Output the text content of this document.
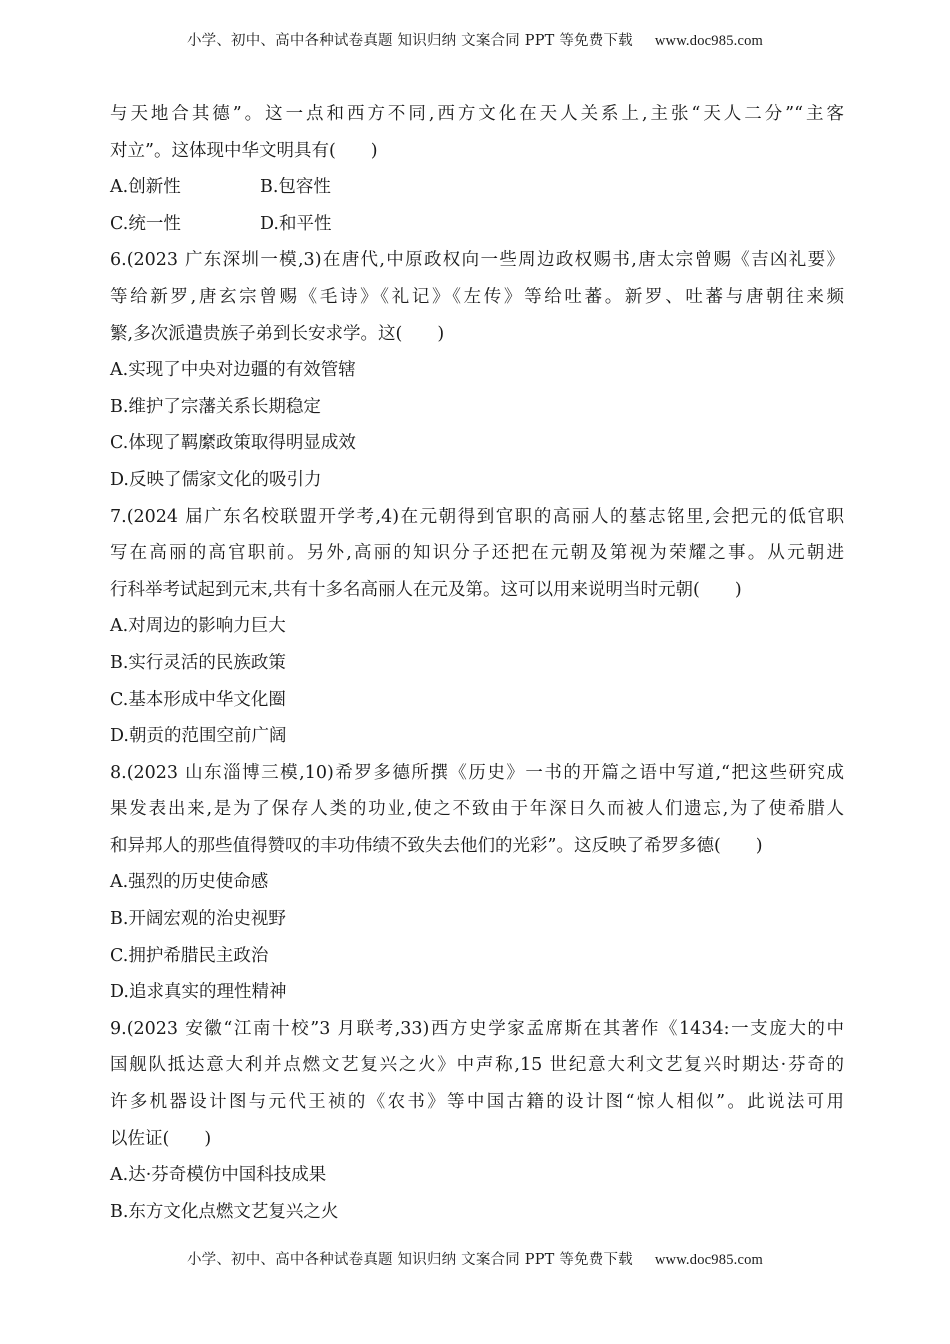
小学、初中、高中各种试卷真题 知识归纳 文案合同 PPT 等免费下载 www.doc985.com
与天地合其德”。这一点和西方不同,西方文化在天人关系上,主张“天人二分”“主客
对立”。这体现中华文明具有(　　)
A.创新性	B.包容性
C.统一性	D.和平性
6.(2023 广东深圳一模,3)在唐代,中原政权向一些周边政权赐书,唐太宗曾赐《吉凶礼要》
等给新罗,唐玄宗曾赐《毛诗》《礼记》《左传》等给吐蕃。新罗、吐蕃与唐朝往来频
繁,多次派遣贵族子弟到长安求学。这(　　)
A.实现了中央对边疆的有效管辖
B.维护了宗藩关系长期稳定
C.体现了羁縻政策取得明显成效
D.反映了儒家文化的吸引力
7.(2024 届广东名校联盟开学考,4)在元朝得到官职的高丽人的墓志铭里,会把元的低官职
写在高丽的高官职前。另外,高丽的知识分子还把在元朝及第视为荣耀之事。从元朝进
行科举考试起到元末,共有十多名高丽人在元及第。这可以用来说明当时元朝(　　)
A.对周边的影响力巨大
B.实行灵活的民族政策
C.基本形成中华文化圈
D.朝贡的范围空前广阔
8.(2023 山东淄博三模,10)希罗多德所撰《历史》一书的开篇之语中写道,“把这些研究成
果发表出来,是为了保存人类的功业,使之不致由于年深日久而被人们遗忘,为了使希腊人
和异邦人的那些值得赞叹的丰功伟绩不致失去他们的光彩”。这反映了希罗多德(　　)
A.强烈的历史使命感
B.开阔宏观的治史视野
C.拥护希腊民主政治
D.追求真实的理性精神
9.(2023 安徽“江南十校”3 月联考,33)西方史学家孟席斯在其著作《1434:一支庞大的中
国舰队抵达意大利并点燃文艺复兴之火》中声称,15 世纪意大利文艺复兴时期达·芬奇的
许多机器设计图与元代王祯的《农书》等中国古籍的设计图“惊人相似”。此说法可用
以佐证(　　)
A.达·芬奇模仿中国科技成果
B.东方文化点燃文艺复兴之火
小学、初中、高中各种试卷真题 知识归纳 文案合同 PPT 等免费下载 www.doc985.com
